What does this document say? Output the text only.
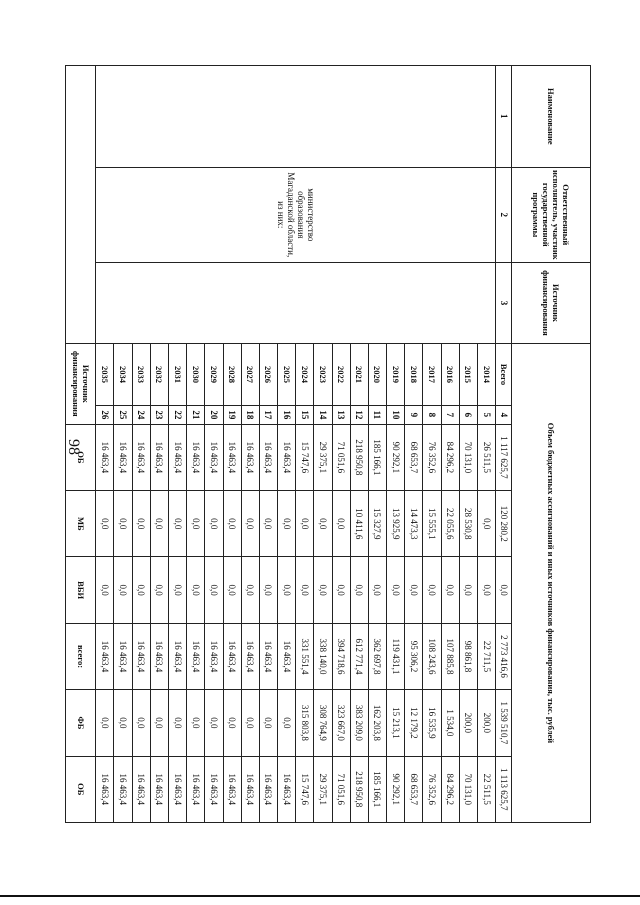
98
Наименование	Ответственный исполнитель, участник государственной программы	Источник финансирования	Объем бюджетных ассигнований и иных источников финансирования, тыс. рублей							
1	2	3	Всего	4	1 117 625,7	120 280,2	0,0	2 773 416,6	1 539 510,7	1 113 625,7
	министерство образования Магаданской области, из них:		2014	5	26 511,5	0,0	0,0	22 711,5	200,0	22 511,5
			2015	6	70 131,0	28 530,8	0,0	98 861,8	200,0	70 131,0
			2016	7	84 296,2	22 055,6	0,0	107 885,8	1 534,0	84 296,2
			2017	8	76 352,6	15 555,1	0,0	108 243,6	16 535,9	76 352,6
			2018	9	68 653,7	14 473,3	0,0	95 306,2	12 179,2	68 653,7
			2019	10	90 292,1	13 925,9	0,0	119 431,1	15 213,1	90 292,1
			2020	11	185 166,1	15 327,9	0,0	362 697,8	162 203,8	185 166,1
			2021	12	218 950,8	10 411,6	0,0	612 771,4	383 209,0	218 950,8
			2022	13	71 051,6	0,0	0,0	394 718,6	323 667,0	71 051,6
			2023	14	29 375,1	0,0	0,0	338 140,0	308 764,9	29 375,1
			2024	15	15 747,6	0,0	0,0	331 551,4	315 803,8	15 747,6
			2025	16	16 463,4	0,0	0,0	16 463,4	0,0	16 463,4
			2026	17	16 463,4	0,0	0,0	16 463,4	0,0	16 463,4
			2027	18	16 463,4	0,0	0,0	16 463,4	0,0	16 463,4
			2028	19	16 463,4	0,0	0,0	16 463,4	0,0	16 463,4
			2029	20	16 463,4	0,0	0,0	16 463,4	0,0	16 463,4
			2030	21	16 463,4	0,0	0,0	16 463,4	0,0	16 463,4
			2031	22	16 463,4	0,0	0,0	16 463,4	0,0	16 463,4
			2032	23	16 463,4	0,0	0,0	16 463,4	0,0	16 463,4
			2033	24	16 463,4	0,0	0,0	16 463,4	0,0	16 463,4
			2034	25	16 463,4	0,0	0,0	16 463,4	0,0	16 463,4
			2035	26	16 463,4	0,0	0,0	16 463,4	0,0	16 463,4
			Источник финансирования		ОБ	МБ	ВБИ	всего:	ФБ	ОБ
